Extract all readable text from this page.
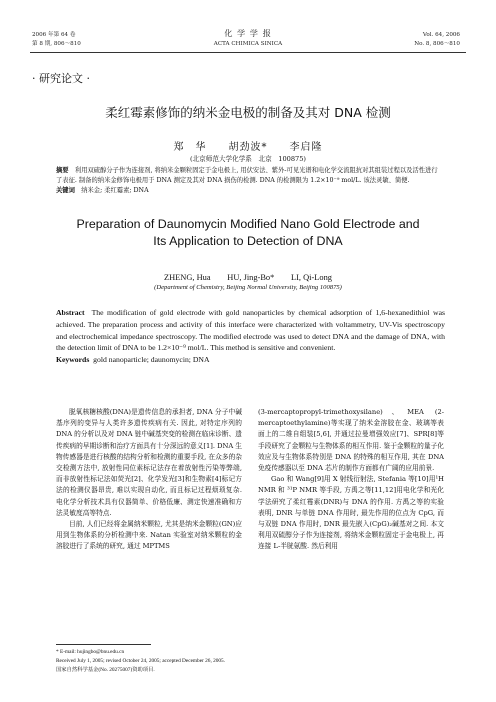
2006 年第 64 卷
第 8 期, 806～810
化 学 学 报
ACTA CHIMICA SINICA
Vol. 64, 2006
No. 8, 806～810
· 研究论文 ·
柔红霉素修饰的纳米金电极的制备及其对 DNA 检测
郑　华　　胡劲波*　　李启隆
(北京师范大学化学系　北京　100875)
摘要　 利用双硫醇分子作为连接剂, 将纳米金颗粒固定于金电极上, 用伏安法、紫外-可见光谱和电化学交流阻抗对其组装过程以及活性进行了表征. 制备的纳米金修饰电极用于 DNA 测定及其对 DNA 损伤的检测. DNA 的检测限为 1.2×10⁻⁹ mol/L. 该法灵敏、简便.
关键词　 纳米金; 柔红霉素; DNA
Preparation of Daunomycin Modified Nano Gold Electrode and
Its Application to Detection of DNA
ZHENG, Hua　　HU, Jing-Bo*　　LI, Qi-Long
(Department of Chemistry, Beijing Normal University, Beijing 100875)
Abstract The modification of gold electrode with gold nanoparticles by chemical adsorption of 1,6-hexanedithiol was achieved. The preparation process and activity of this interface were characterized with voltammetry, UV-Vis spectroscopy and electrochemical impedance spectroscopy. The modified electrode was used to detect DNA and the damage of DNA, with the detection limit of DNA to be 1.2×10⁻⁹ mol/L. This method is sensitive and convenient.
Keywords gold nanoparticle; daunomycin; DNA

脱氧核糖核酸(DNA)是遗传信息的承担者, DNA 分子中碱基序列的变异与人类许多遗传疾病有关. 因此, 对特定序列的 DNA 的分析以及对 DNA 链中碱基突变的检测在临床诊断、遗传疾病的早期诊断和治疗方面具有十分深远的意义[1]. DNA 生物传感器是进行核酸的结构分析和检测的重要手段, 在众多的杂交检测方法中, 放射性同位素标记法存在着放射性污染等弊端, 而非放射性标记法如荧光[2]、化学发光[3]和生物素[4]标记方法的检测仪器昂贵, 难以实现自动化, 而且标记过程烦琐复杂. 电化学分析技术具有仪器简单、价格低廉、测定快速准确和方法灵敏度高等特点.

目前, 人们已经将金属纳米颗粒, 尤其是纳米金颗粒(GN)应用到生物体系的分析检测中来. Natan 实验室对纳米颗粒的金溶胶进行了系统的研究, 通过 MPTMS

(3-mercaptopropyl-trimethoxysilane)、MEA (2-mercaptoethylamine)等实现了纳米金溶胶在金、玻璃等表面上的二维自组装[5,6], 并通过拉曼增强效应[7]、SPR[8]等手段研究了金颗粒与生物体系的相互作用. 鉴于金颗粒的量子化效应及与生物体系特别是 DNA 的特殊的相互作用, 其在 DNA 免疫传感器以至 DNA 芯片的制作方面都有广阔的应用前景.

Gao 和 Wang[9]用 X 射线衍射法, Stefania 等[10]用¹H NMR 和 ³¹P NMR 等手段, 方禹之等[11,12]用电化学和光化学法研究了柔红霉素(DNR)与 DNA 的作用. 方禹之等的实验表明, DNR 与单链 DNA 作用时, 最先作用的位点为 CpG, 而与双链 DNA 作用时, DNR 最先嵌入(CpG)₂碱基对之间. 本文利用双硫醇分子作为连接剂, 将纳米金颗粒固定于金电极上, 再连接 L-半胱氨酸. 然后利用

* E-mail: hujingbo@bnu.edu.cn
Received July 1, 2005; revised October 24, 2005; accepted December 26, 2005.
国家自然科学基金(No. 20275007)资助项目.
